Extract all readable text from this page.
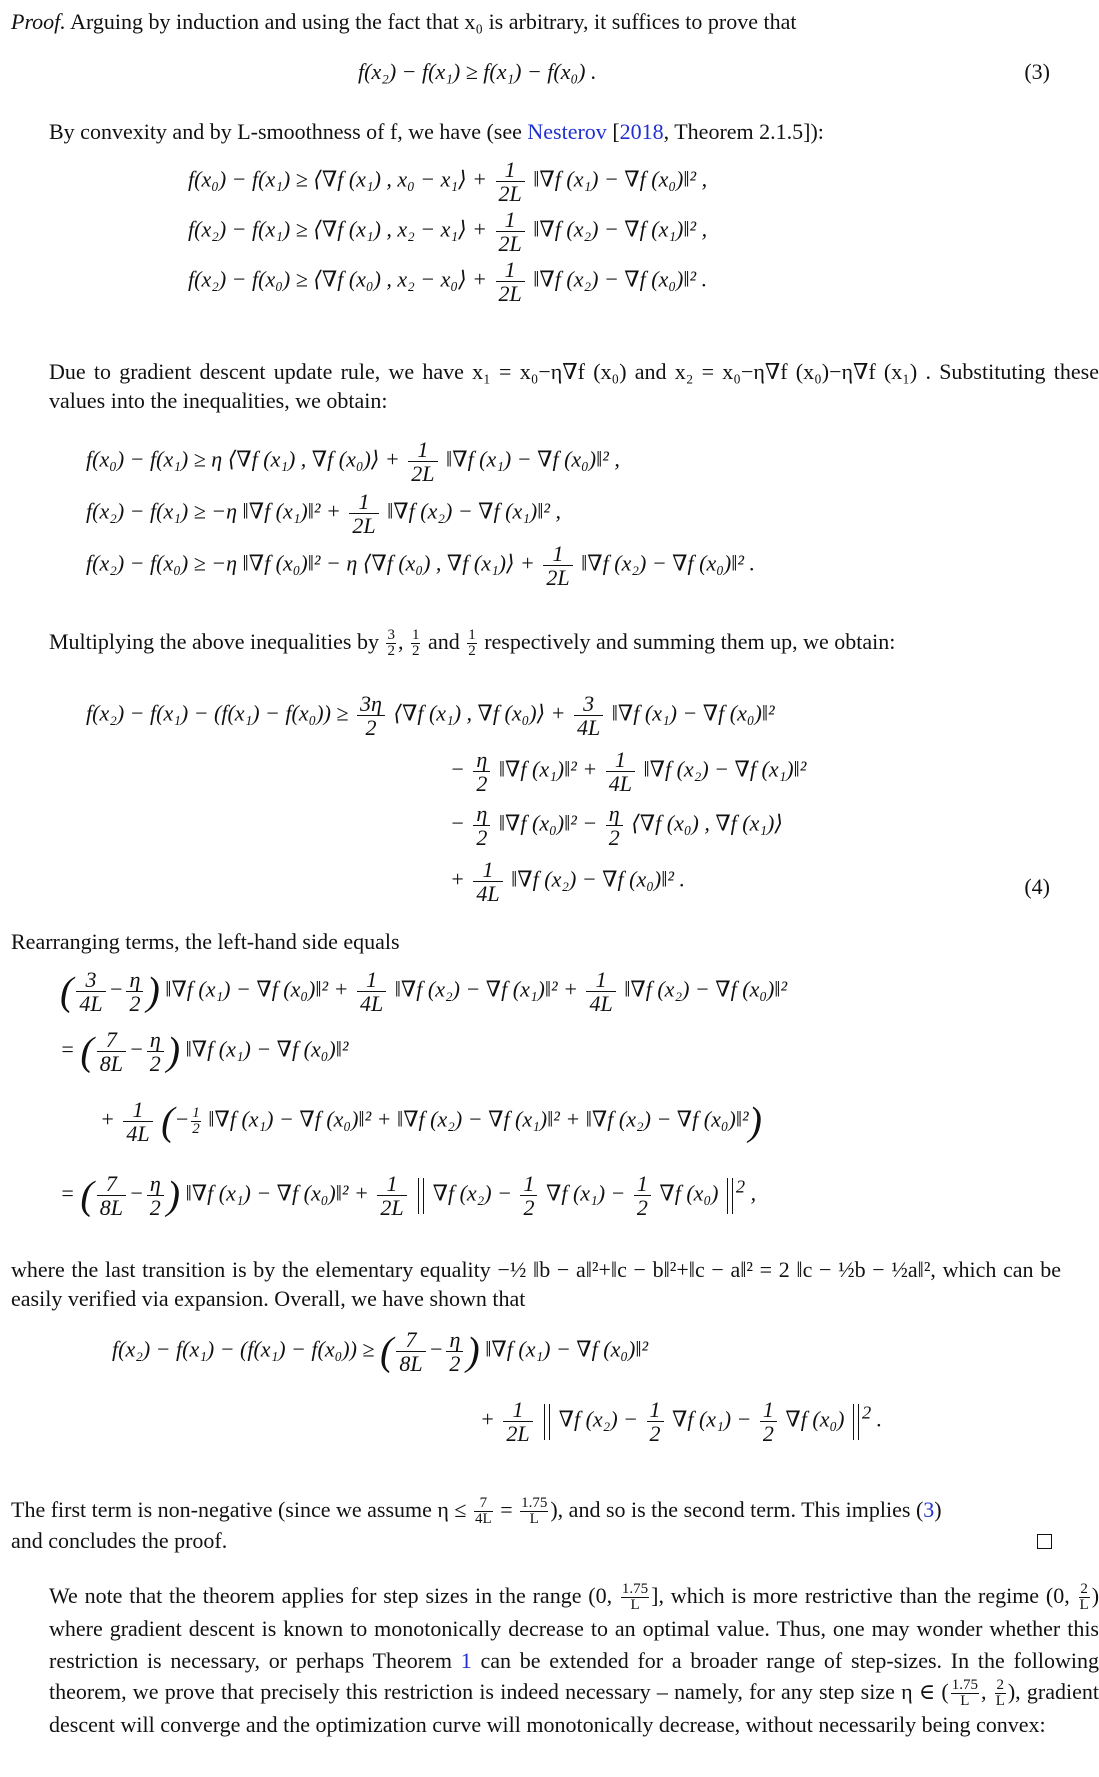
Proof. Arguing by induction and using the fact that x₀ is arbitrary, it suffices to prove that
f(x₂) − f(x₁) ≥ f(x₁) − f(x₀) .	(3)
By convexity and by L-smoothness of f, we have (see Nesterov [2018, Theorem 2.1.5]):
f(x₀) − f(x₁) ≥ ⟨∇f (x₁) , x₀ − x₁⟩ + $\frac{1}{2L}$ ‖∇f (x₁) − ∇f (x₀)‖² ,
f(x₂) − f(x₁) ≥ ⟨∇f (x₁) , x₂ − x₁⟩ + $\frac{1}{2L}$ ‖∇f (x₂) − ∇f (x₁)‖² ,
f(x₂) − f(x₀) ≥ ⟨∇f (x₀) , x₂ − x₀⟩ + $\frac{1}{2L}$ ‖∇f (x₂) − ∇f (x₀)‖² .
Due to gradient descent update rule, we have x₁ = x₀−η∇f (x₀) and x₂ = x₀−η∇f (x₀)−η∇f (x₁) . Substituting these values into the inequalities, we obtain:
f(x₀) − f(x₁) ≥ η ⟨∇f (x₁) , ∇f (x₀)⟩ + $\frac{1}{2L}$ ‖∇f (x₁) − ∇f (x₀)‖² ,
f(x₂) − f(x₁) ≥ −η ‖∇f (x₁)‖² + $\frac{1}{2L}$ ‖∇f (x₂) − ∇f (x₁)‖² ,
f(x₂) − f(x₀) ≥ −η ‖∇f (x₀)‖² − η ⟨∇f (x₀) , ∇f (x₁)⟩ + $\frac{1}{2L}$ ‖∇f (x₂) − ∇f (x₀)‖² .
Multiplying the above inequalities by $\frac{3}{2}$ , $\frac{1}{2}$ and $\frac{1}{2}$ respectively and summing them up, we obtain:
$f(x_2) - f(x_1) - (f(x_1) - f(x_0)) \ge \frac{3\eta}{2}$ ⟨∇f (x₁) , ∇f (x₀)⟩ + $\frac{3}{4L}$ ‖∇f (x₁) − ∇f (x₀)‖²
− $\frac{\eta}{2}$ ‖∇f (x₁)‖² + $\frac{1}{4L}$ ‖∇f (x₂) − ∇f (x₁)‖²
− $\frac{\eta}{2}$ ‖∇f (x₀)‖² − $\frac{\eta}{2}$ ⟨∇f (x₀) , ∇f (x₁)⟩
+ $\frac{1}{4L}$ ‖∇f (x₂) − ∇f (x₀)‖² .	(4)
Rearranging terms, the left-hand side equals
( $\frac{3}{4L} - \frac{\eta}{2}$ ) ‖∇f (x₁) − ∇f (x₀)‖² + $\frac{1}{4L}$ ‖∇f (x₂) − ∇f (x₁)‖² + $\frac{1}{4L}$ ‖∇f (x₂) − ∇f (x₀)‖²
= ( $\frac{7}{8L} - \frac{\eta}{2}$ ) ‖∇f (x₁) − ∇f (x₀)‖²
+ $\frac{1}{4L}$ (− $\frac{1}{2}$ ‖∇f (x₁) − ∇f (x₀)‖² + ‖∇f (x₂) − ∇f (x₁)‖² + ‖∇f (x₂) − ∇f (x₀)‖²)
= ( $\frac{7}{8L} - \frac{\eta}{2}$ ) ‖∇f (x₁) − ∇f (x₀)‖² + $\frac{1}{2L} \nabla f$ $(x_2) - \frac{1}{2} \nabla f$ $(x_1) - \frac{1}{2} \nabla f$ (x₀) $^2$ ,
where the last transition is by the elementary equality −½ ‖b − a‖²+‖c − b‖²+‖c − a‖² = 2 ‖c − ½b − ½a‖², which can be easily verified via expansion. Overall, we have shown that
f(x₂) − f(x₁) − (f(x₁) − f(x₀)) ≥ ( $\frac{7}{8L} - \frac{\eta}{2}$ ) ‖∇f (x₁) − ∇f (x₀)‖²
+ $\frac{1}{2L} \nabla f$ $(x_2) - \frac{1}{2} \nabla f$ $(x_1) - \frac{1}{2} \nabla f$ (x₀) $^2$ .
The first term is non-negative (since we assume $\eta \le \frac{7}{4L} = \frac{1.75}{L}$ ), and so is the second term. This implies (3)
and concludes the proof.
We note that the theorem applies for step sizes in the range (0, $\frac{1.75}{L}$ ], which is more restrictive than the regime (0, $\frac{2}{L}$ ) where gradient descent is known to monotonically decrease to an optimal value. Thus, one may wonder whether this restriction is necessary, or perhaps Theorem 1 can be extended for a broader range of step-sizes. In the following theorem, we prove that precisely this restriction is indeed necessary – namely, for any step size η ∈ ( $\frac{1.75}{L}$ , $\frac{2}{L}$ ), gradient descent will converge and the optimization curve will monotonically decrease, without necessarily being convex:
